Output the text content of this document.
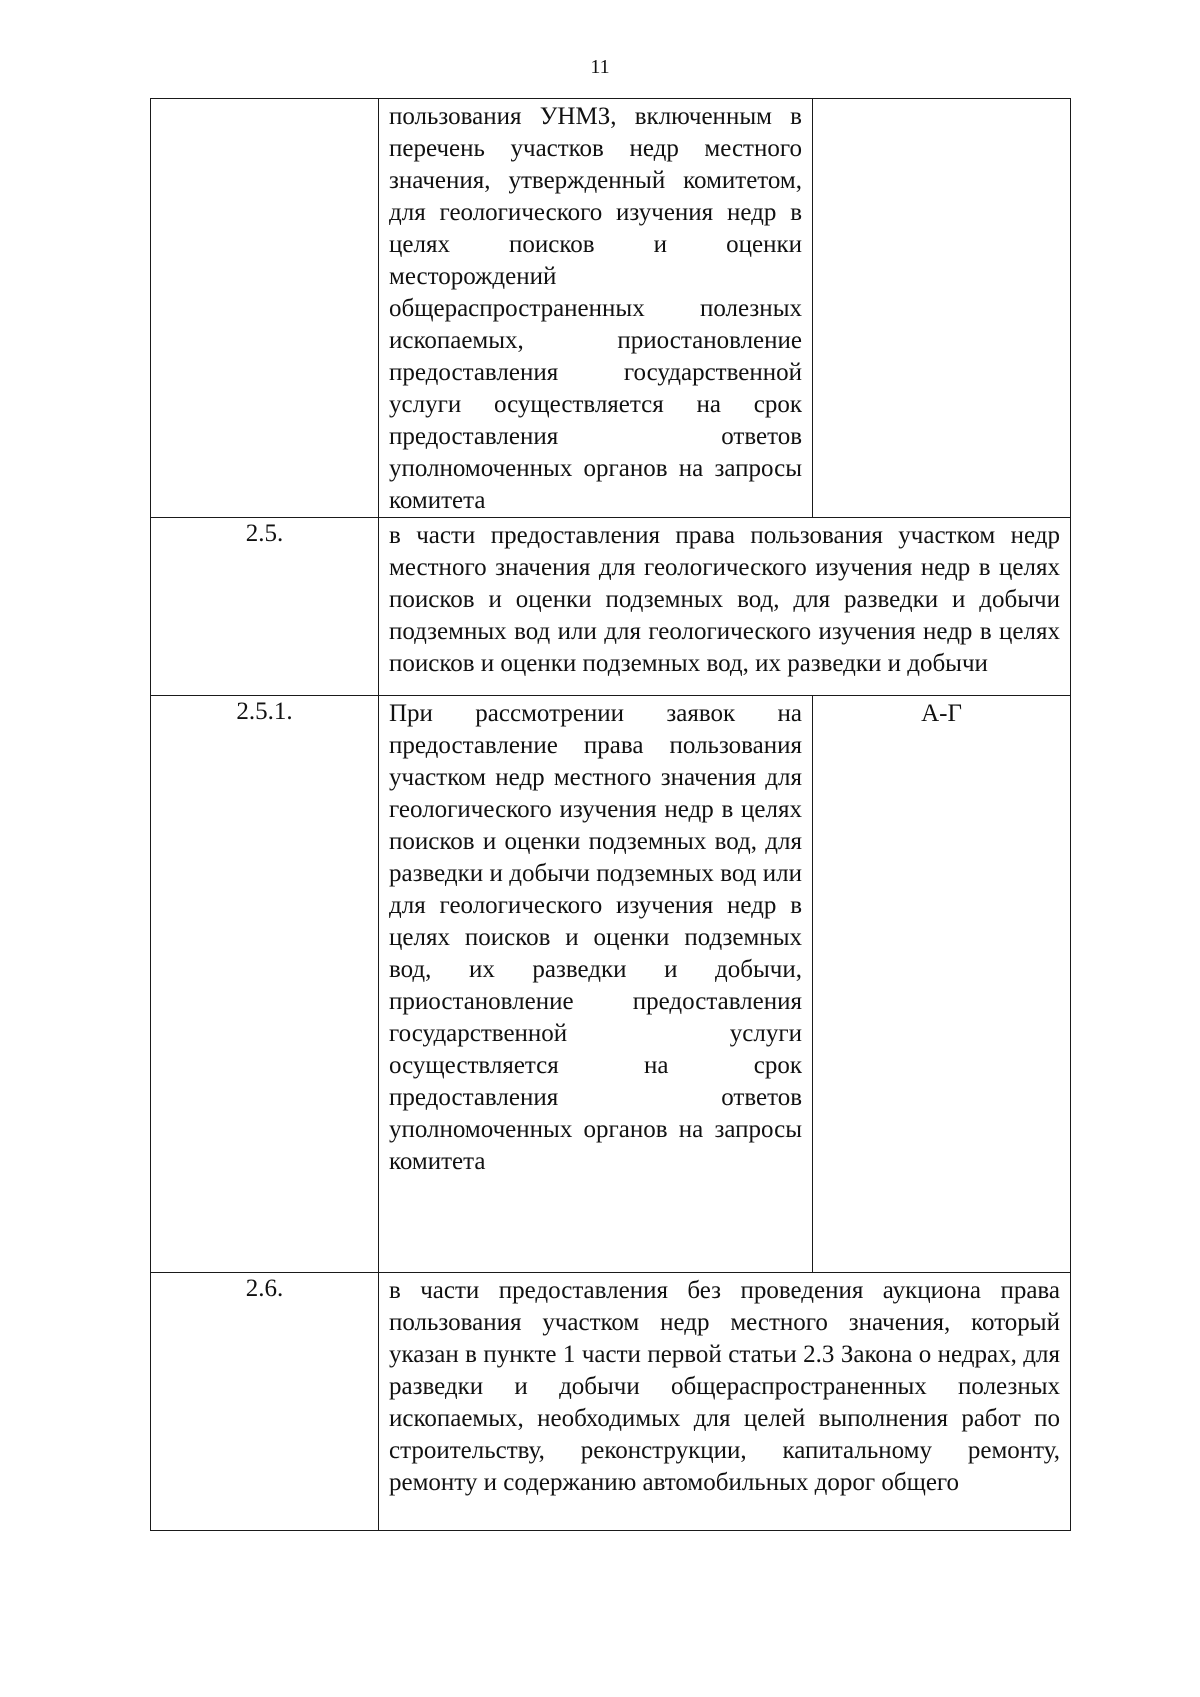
11

	пользования УНМЗ, включенным в перечень участков недр местного значения, утвержденный комитетом, для геологического изучения недр в целях поисков и оценки месторождений общераспространенных полезных ископаемых, приостановление предоставления государственной услуги осуществляется на срок предоставления ответов уполномоченных органов на запросы комитета	

2.5.	в части предоставления права пользования участком недр местного значения для геологического изучения недр в целях поисков и оценки подземных вод, для разведки и добычи подземных вод или для геологического изучения недр в целях поисков и оценки подземных вод, их разведки и добычи	

2.5.1.	При рассмотрении заявок на предоставление права пользования участком недр местного значения для геологического изучения недр в целях поисков и оценки подземных вод, для разведки и добычи подземных вод или для геологического изучения недр в целях поисков и оценки подземных вод, их разведки и добычи, приостановление предоставления государственной услуги осуществляется на срок предоставления ответов уполномоченных органов на запросы комитета	А-Г

2.6.	в части предоставления без проведения аукциона права пользования участком недр местного значения, который указан в пункте 1 части первой статьи 2.3 Закона о недрах, для разведки и добычи общераспространенных полезных ископаемых, необходимых для целей выполнения работ по строительству, реконструкции, капитальному ремонту, ремонту и содержанию автомобильных дорог общего	
